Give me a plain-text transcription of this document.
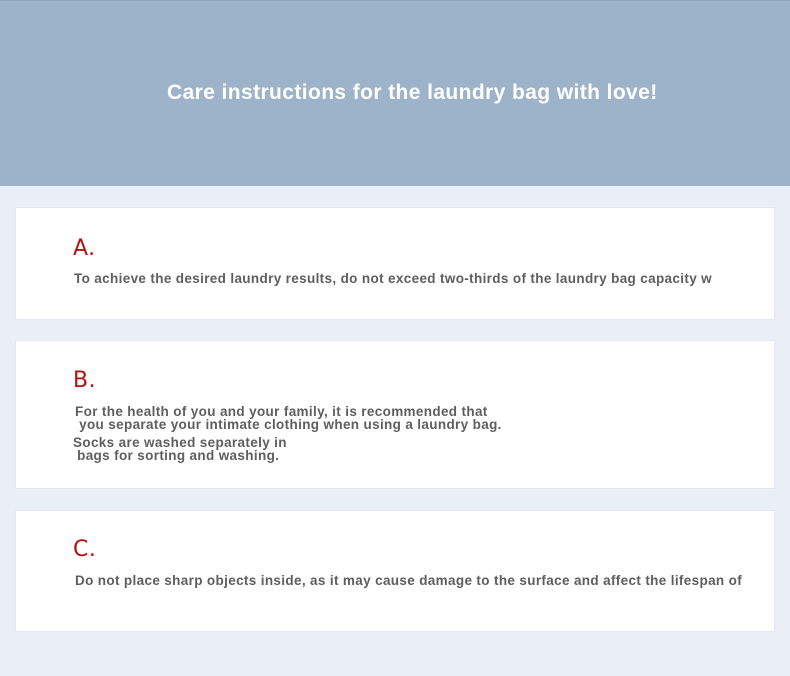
Care instructions for the laundry bag with love!
A.
To achieve the desired laundry results, do not exceed two-thirds of the laundry bag capacity w
B.
For the health of you and your family, it is recommended that
you separate your intimate clothing when using a laundry bag.
Socks are washed separately in
bags for sorting and washing.
C.
Do not place sharp objects inside, as it may cause damage to the surface and affect the lifespan of
